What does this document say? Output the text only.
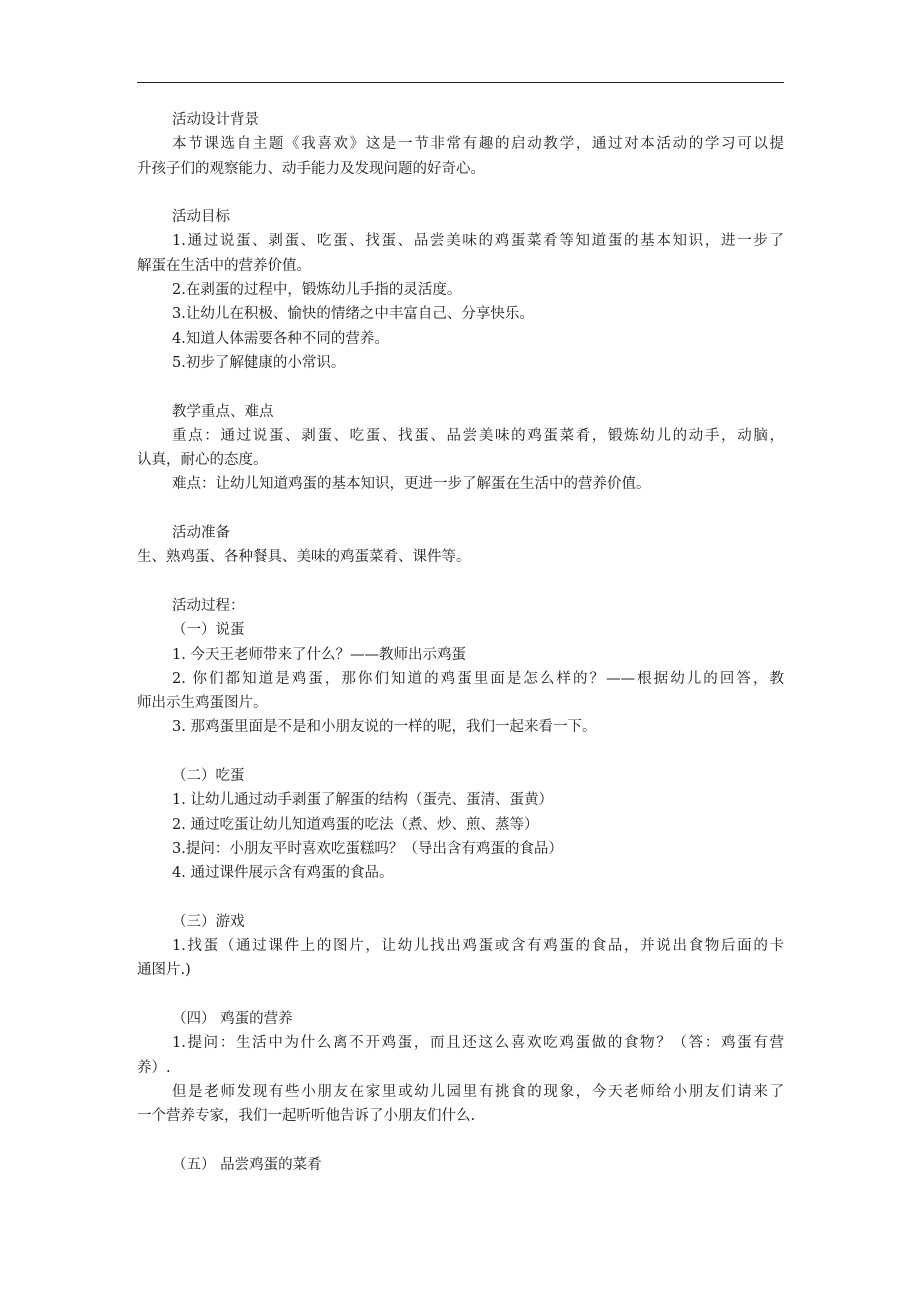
活动设计背景
本节课选自主题《我喜欢》这是一节非常有趣的启动教学，通过对本活动的学习可以提
升孩子们的观察能力、动手能力及发现问题的好奇心。
活动目标
1.通过说蛋、剥蛋、吃蛋、找蛋、品尝美味的鸡蛋菜肴等知道蛋的基本知识，进一步了
解蛋在生活中的营养价值。
2.在剥蛋的过程中，锻炼幼儿手指的灵活度。
3.让幼儿在积极、愉快的情绪之中丰富自己、分享快乐。
4.知道人体需要各种不同的营养。
5.初步了解健康的小常识。
教学重点、难点
重点：通过说蛋、剥蛋、吃蛋、找蛋、品尝美味的鸡蛋菜肴，锻炼幼儿的动手，动脑，
认真，耐心的态度。
难点：让幼儿知道鸡蛋的基本知识，更进一步了解蛋在生活中的营养价值。
活动准备
生、熟鸡蛋、各种餐具、美味的鸡蛋菜肴、课件等。
活动过程：
（一）说蛋
1. 今天王老师带来了什么？——教师出示鸡蛋
2. 你们都知道是鸡蛋，那你们知道的鸡蛋里面是怎么样的？——根据幼儿的回答，教
师出示生鸡蛋图片。
3. 那鸡蛋里面是不是和小朋友说的一样的呢，我们一起来看一下。
（二）吃蛋
1. 让幼儿通过动手剥蛋了解蛋的结构（蛋壳、蛋清、蛋黄）
2. 通过吃蛋让幼儿知道鸡蛋的吃法（煮、炒、煎、蒸等）
3.提问：小朋友平时喜欢吃蛋糕吗？（导出含有鸡蛋的食品）
4. 通过课件展示含有鸡蛋的食品。
（三）游戏
1.找蛋（通过课件上的图片，让幼儿找出鸡蛋或含有鸡蛋的食品，并说出食物后面的卡
通图片.)
（四） 鸡蛋的营养
1.提问：生活中为什么离不开鸡蛋，而且还这么喜欢吃鸡蛋做的食物？（答：鸡蛋有营
养）.
但是老师发现有些小朋友在家里或幼儿园里有挑食的现象，今天老师给小朋友们请来了
一个营养专家，我们一起听听他告诉了小朋友们什么.
（五） 品尝鸡蛋的菜肴
